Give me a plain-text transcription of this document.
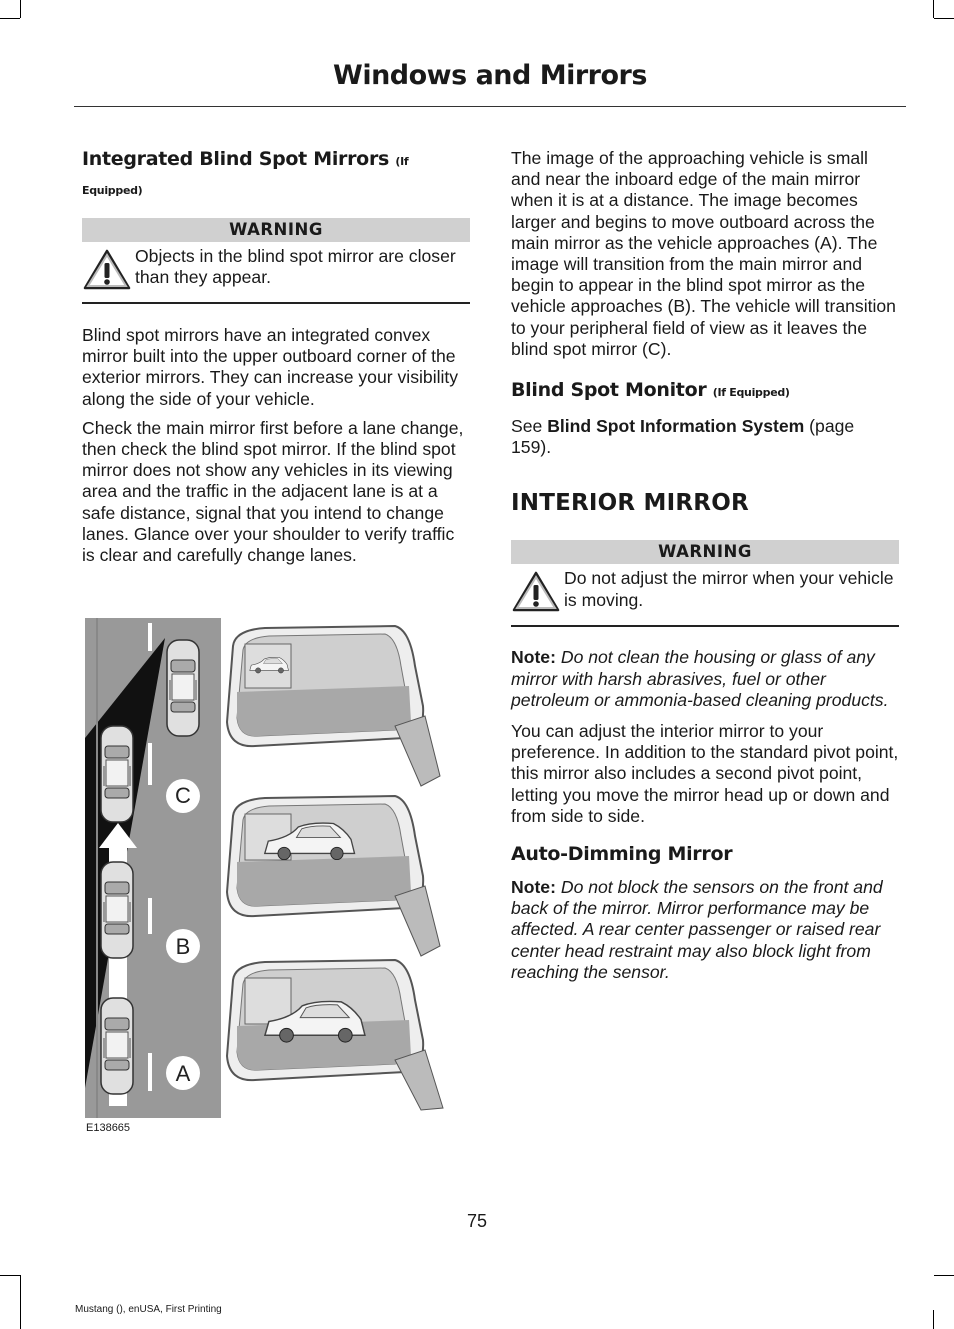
Windows and Mirrors
Integrated Blind Spot Mirrors (If
Equipped)
WARNING

Objects in the blind spot mirror are closer than they appear.

Blind spot mirrors have an integrated convex mirror built into the upper outboard corner of the exterior mirrors. They can increase your visibility along the side of your vehicle.

Check the main mirror first before a lane change, then check the blind spot mirror. If the blind spot mirror does not show any vehicles in its viewing area and the traffic in the adjacent lane is at a safe distance, signal that you intend to change lanes. Glance over your shoulder to verify traffic is clear and carefully change lanes.

C
B
A
E138665

The image of the approaching vehicle is small and near the inboard edge of the main mirror when it is at a distance. The image becomes larger and begins to move outboard across the main mirror as the vehicle approaches (A). The image will transition from the main mirror and begin to appear in the blind spot mirror as the vehicle approaches (B). The vehicle will transition to your peripheral field of view as it leaves the blind spot mirror (C).

Blind Spot Monitor (If Equipped)

See Blind Spot Information System (page 159).

INTERIOR MIRROR
WARNING

Do not adjust the mirror when your vehicle is moving.

Note: Do not clean the housing or glass of any mirror with harsh abrasives, fuel or other petroleum or ammonia-based cleaning products.

You can adjust the interior mirror to your preference. In addition to the standard pivot point, this mirror also includes a second pivot point, letting you move the mirror head up or down and from side to side.

Auto-Dimming Mirror

Note: Do not block the sensors on the front and back of the mirror. Mirror performance may be affected. A rear center passenger or raised rear center head restraint may also block light from reaching the sensor.

75
Mustang (), enUSA, First Printing
